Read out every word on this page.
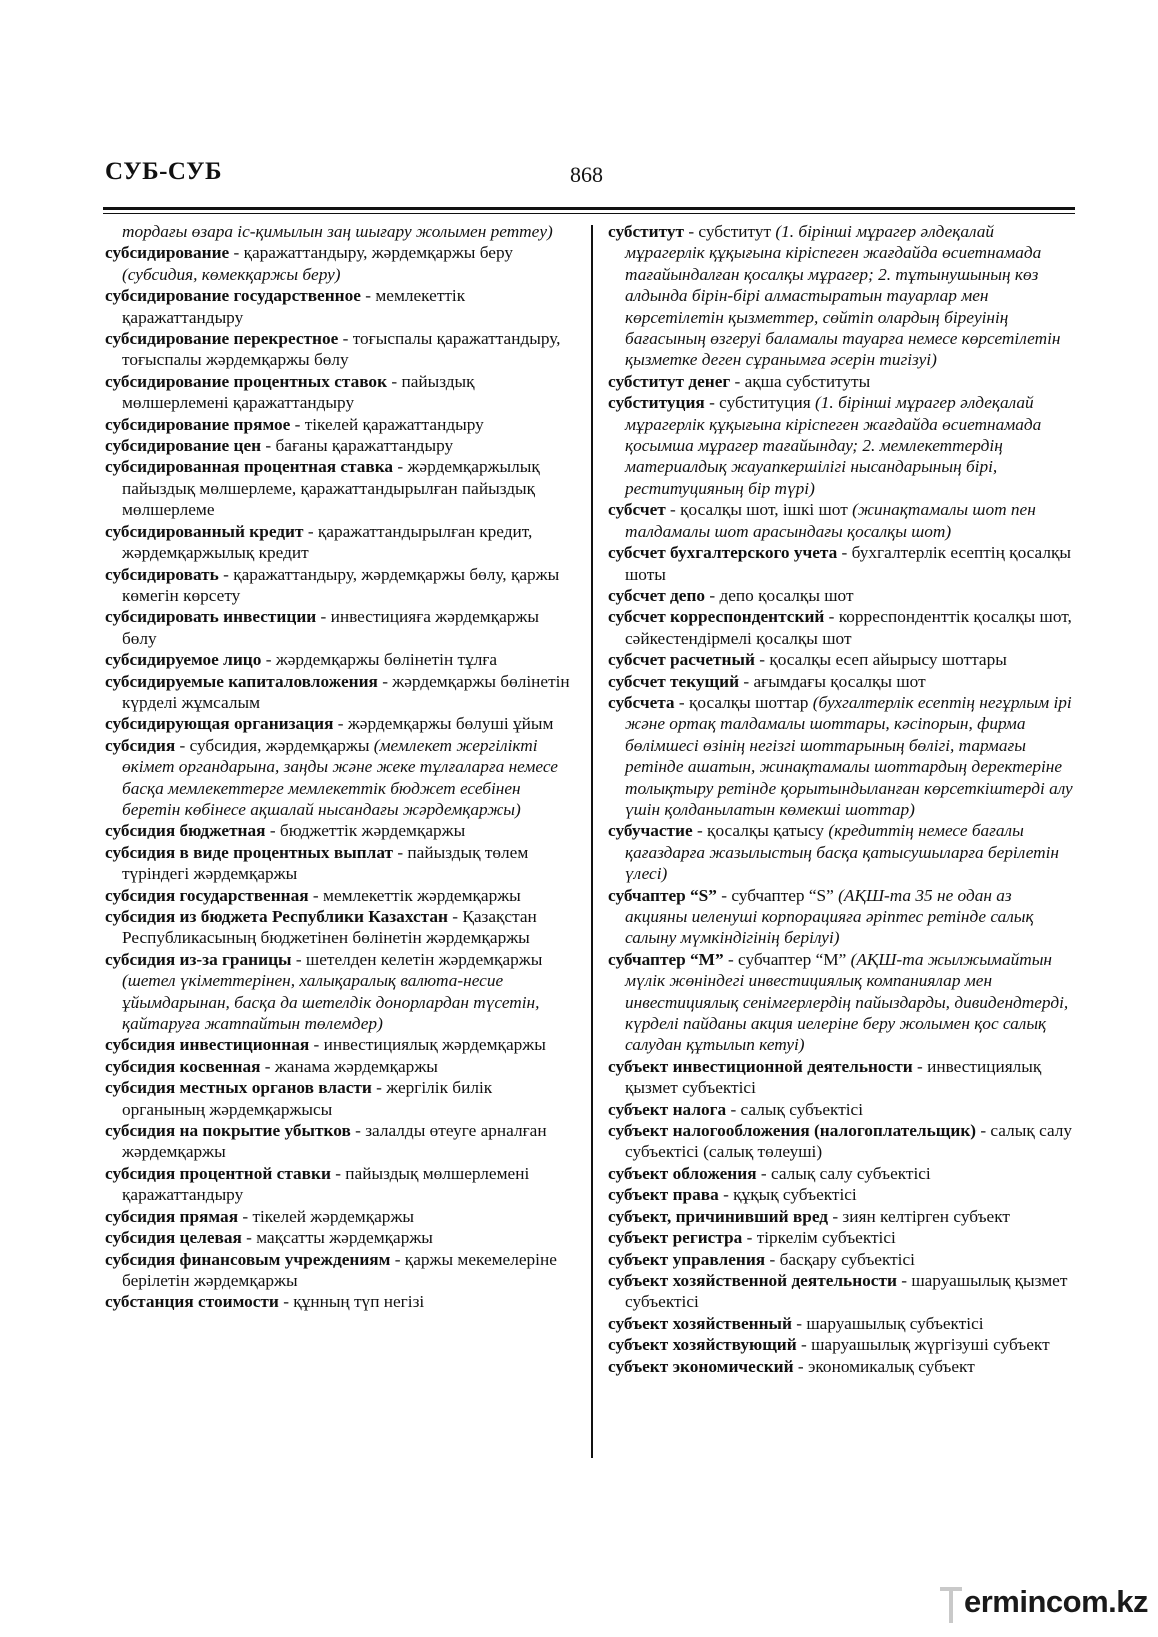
СУБ-СУБ	868

тордағы өзара іс-қимылын заң шығару жолымен реттеу)

субсидирование - қаражаттандыру, жәрдемқаржы беру (субсидия, көмекқаржы беру)

субсидирование государственное - мемлекеттік қаражаттандыру

субсидирование перекрестное - тоғыспалы қаражаттандыру, тоғыспалы жәрдемқаржы бөлу

субсидирование процентных ставок - пайыздық мөлшерлемені қаражаттандыру

субсидирование прямое - тікелей қаражаттандыру

субсидирование цен - бағаны қаражаттандыру

субсидированная процентная ставка - жәрдемқаржылық пайыздық мөлшерлеме, қаражаттандырылған пайыздық мөлшерлеме

субсидированный кредит - қаражаттандырылған кредит, жәрдемқаржылық кредит

субсидировать - қаражаттандыру, жәрдемқаржы бөлу, қаржы көмегін көрсету

субсидировать инвестиции - инвестицияға жәрдемқаржы бөлу

субсидируемое лицо - жәрдемқаржы бөлінетін тұлға

субсидируемые капиталовложения - жәрдемқаржы бөлінетін күрделі жұмсалым

субсидирующая организация - жәрдемқаржы бөлуші ұйым

субсидия - субсидия, жәрдемқаржы (мемлекет жергілікті өкімет органдарына, заңды және жеке тұлғаларға немесе басқа мемлекеттерге мемлекеттік бюджет есебінен беретін көбінесе ақшалай нысандағы жәрдемқаржы)

субсидия бюджетная - бюджеттік жәрдемқаржы

субсидия в виде процентных выплат - пайыздық төлем түріндегі жәрдемқаржы

субсидия государственная - мемлекеттік жәрдемқаржы

субсидия из бюджета Республики Казахстан - Қазақстан Республикасының бюджетінен бөлінетін жәрдемқаржы

субсидия из-за границы - шетелден келетін жәрдемқаржы (шетел үкіметтерінен, халықаралық валюта-несие ұйымдарынан, басқа да шетелдік донорлардан түсетін, қайтаруға жатпайтын төлемдер)

субсидия инвестиционная - инвестициялық жәрдемқаржы

субсидия косвенная - жанама жәрдемқаржы

субсидия местных органов власти - жергілік билік органының жәрдемқаржысы

субсидия на покрытие убытков - залалды өтеуге арналған жәрдемқаржы

субсидия процентной ставки - пайыздық мөлшерлемені қаражаттандыру

субсидия прямая - тікелей жәрдемқаржы

субсидия целевая - мақсатты жәрдемқаржы

субсидия финансовым учреждениям - қаржы мекемелеріне берілетін жәрдемқаржы

субстанция стоимости - құнның түп негізі

субститут - субститут (1. бірінші мұрагер әлдеқалай мұрагерлік құқығына кіріспеген жағдайда өсиетнамада тағайындалған қосалқы мұрагер; 2. тұтынушының көз алдында бірін-бірі алмастыратын тауарлар мен көрсетілетін қызметтер, сөйтіп олардың біреуінің бағасының өзгеруі баламалы тауарға немесе көрсетілетін қызметке деген сұранымға әсерін тигізуі)

субститут денег - ақша субституты

субституция - субституция (1. бірінші мұрагер әлдеқалай мұрагерлік құқығына кіріспеген жағдайда өсиетнамада қосымша мұрагер тағайындау; 2. мемлекеттердің материалдық жауапкершілігі нысандарының бірі, реституцияның бір түрі)

субсчет - қосалқы шот, ішкі шот (жинақтамалы шот пен талдамалы шот арасындағы қосалқы шот)

субсчет бухгалтерского учета - бухгалтерлік есептің қосалқы шоты

субсчет депо - депо қосалқы шот

субсчет корреспондентский - корреспонденттік қосалқы шот, сәйкестендірмелі қосалқы шот

субсчет расчетный - қосалқы есеп айырысу шоттары

субсчет текущий - ағымдағы қосалқы шот

субсчета - қосалқы шоттар (бухгалтерлік есептің негұрлым ірі және ортақ талдамалы шоттары, кәсіпорын, фирма бөлімшесі өзінің негізгі шоттарының бөлігі, тармағы ретінде ашатын, жинақтамалы шоттардың деректеріне толықтыру ретінде қорытындыланған көрсеткіштерді алу үшін қолданылатын көмекші шоттар)

субучастие - қосалқы қатысу (кредиттің немесе бағалы қағаздарға жазылыстың басқа қатысушыларға берілетін үлесі)

субчаптер “S” - субчаптер “S” (АҚШ-та 35 не одан аз акцияны иеленуші корпорацияға әріптес ретінде салық салыну мүмкіндігінің берілуі)

субчаптер “М” - субчаптер “М” (АҚШ-та жылжымайтын мүлік жөніндегі инвестициялық компаниялар мен инвестициялық сенімгерлердің пайыздарды, дивидендтерді, күрделі пайданы акция иелеріне беру жолымен қос салық салудан құтылып кетуі)

субъект инвестиционной деятельности - инвестициялық қызмет субъектісі

субъект налога - салық субъектісі

субъект налогообложения (налогоплательщик) - салық салу субъектісі (салық төлеуші)

субъект обложения - салық салу субъектісі

субъект права - құқық субъектісі

субъект, причинивший вред - зиян келтірген субъект

субъект регистра - тіркелім субъектісі

субъект управления - басқару субъектісі

субъект хозяйственной деятельности - шаруашылық қызмет субъектісі

субъект хозяйственный - шаруашылық субъектісі

субъект хозяйствующий - шаруашылық жүргізуші субъект

субъект экономический - экономикалық субъект

ermincom.kz
